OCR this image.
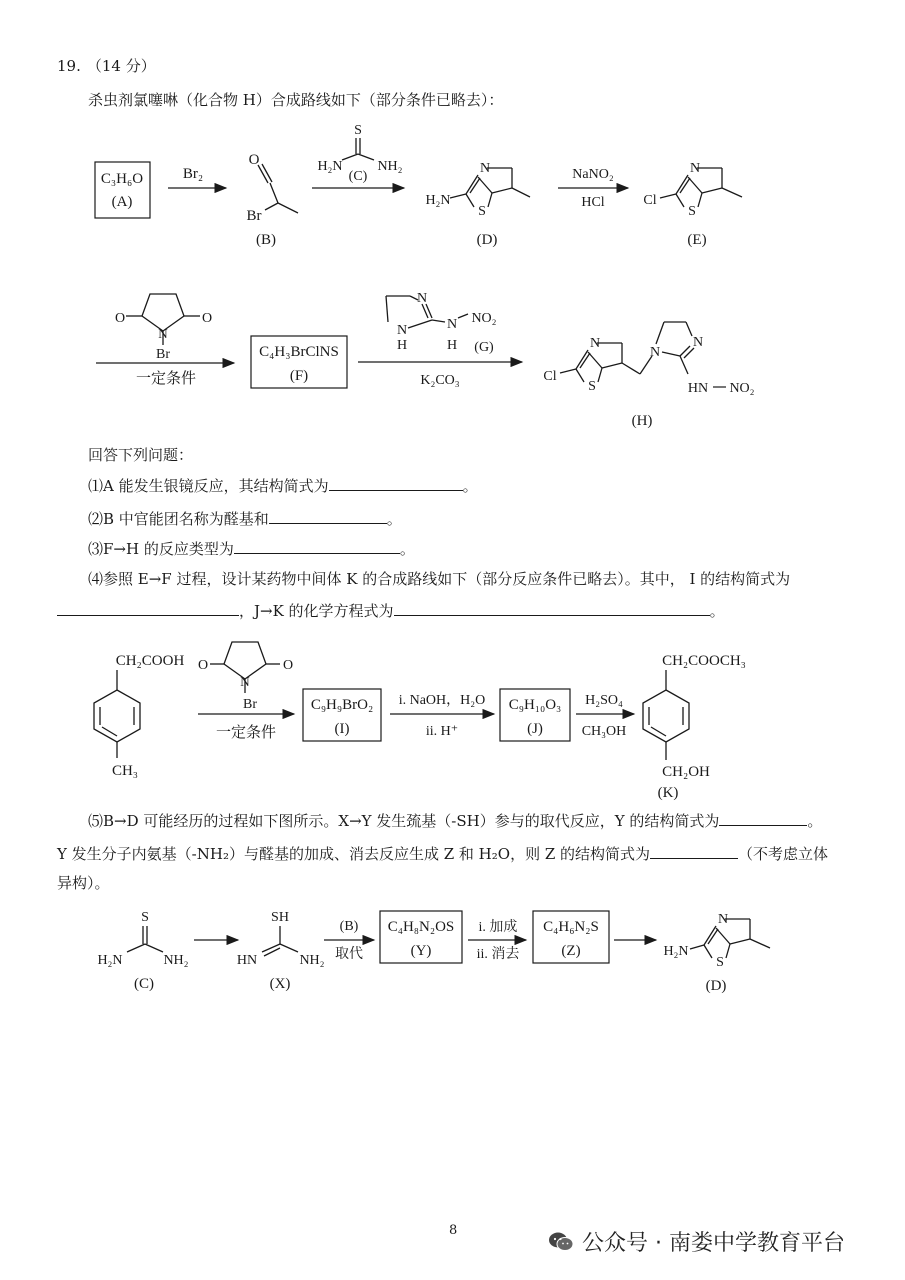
19. （14 分）
杀虫剂氯噻啉（化合物 H）合成路线如下（部分条件已略去）：
C₃H₆O
(A)
Br₂
O
Br
(B)
S
H₂N NH₂
(C)
N
S
H₂N
(D)
NaNO₂
HCl
N
S
Cl
(E)
O	O
N
Br
一定条件
C₄H₃BrClNS
(F)
N
N
H
N
H
NO₂
(G)
K₂CO₃
N
S
Cl
N
N
HN NO₂
(H)
CH₂COOH
CH₃
O	O
N
Br
一定条件
C₉H₉BrO₂
(I)
i. NaOH，H₂O
ii. H⁺
C₉H₁₀O₃
(J)
H₂SO₄
CH₃OH
CH₂COOCH₃
CH₂OH
(K)
S
H₂N	NH₂
(C)
SH
HN	NH₂
(X)
(B)
取代
C₄H₈N₂OS
(Y)
i. 加成
ii. 消去
C₄H₆N₂S
(Z)
N
S
H₂N
(D)
回答下列问题：
⑴A 能发生银镜反应，其结构简式为	。
⑵B 中官能团名称为醛基和	。
⑶F→H 的反应类型为	。
⑷参照 E→F 过程，设计某药物中间体 K 的合成路线如下（部分反应条件已略去）。其中， I 的结构简式为
，J→K 的化学方程式为	。
⑸B→D 可能经历的过程如下图所示。X→Y 发生巯基（-SH）参与的取代反应，Y 的结构简式为	。
Y 发生分子内氨基（-NH₂）与醛基的加成、消去反应生成 Z 和 H₂O，则 Z 的结构简式为	（不考虑立体
异构）。
8
公众号 · 南娄中学教育平台
